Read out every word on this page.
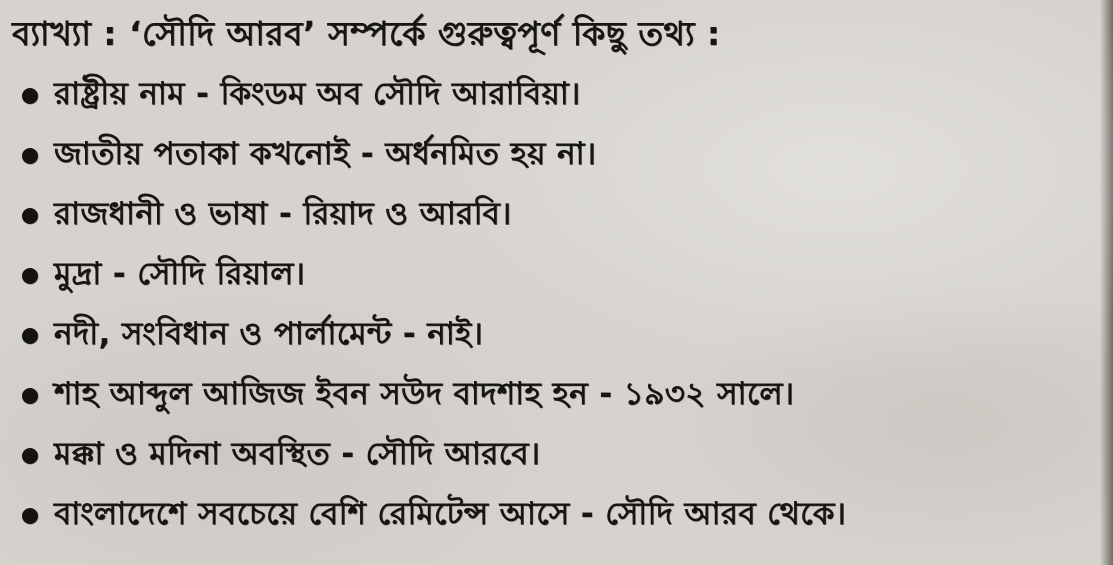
ব্যাখ্যা : ‘সৌদি আরব’ সম্পর্কে গুরুত্বপূর্ণ কিছু তথ্য :
রাষ্ট্রীয় নাম - কিংডম অব সৌদি আরাবিয়া।
জাতীয় পতাকা কখনোই - অর্ধনমিত হয় না।
রাজধানী ও ভাষা - রিয়াদ ও আরবি।
মুদ্রা - সৌদি রিয়াল।
নদী, সংবিধান ও পার্লামেন্ট - নাই।
শাহ আব্দুল আজিজ ইবন সউদ বাদশাহ হন - ১৯৩২ সালে।
মক্কা ও মদিনা অবস্থিত - সৌদি আরবে।
বাংলাদেশে সবচেয়ে বেশি রেমিটেন্স আসে - সৌদি আরব থেকে।
